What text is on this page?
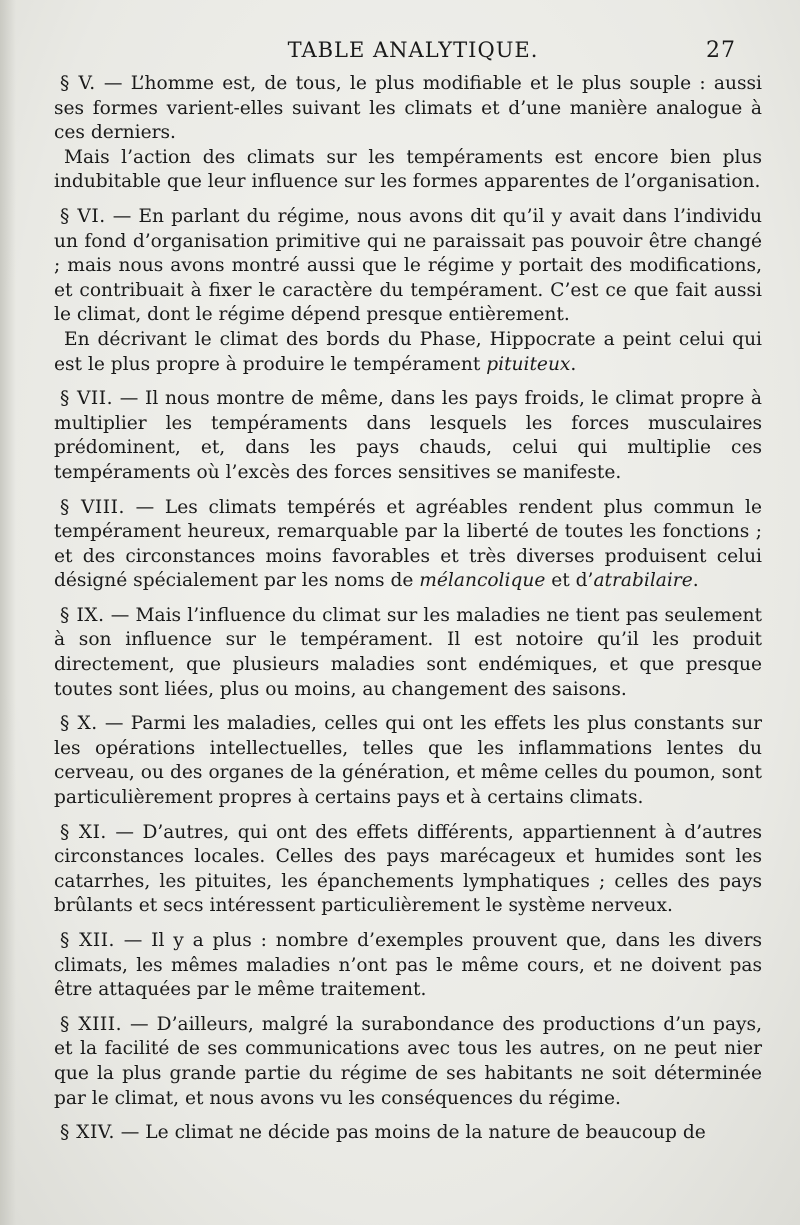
TABLE ANALYTIQUE.	27

§ V. — L’homme est, de tous, le plus modifiable et le plus souple : aussi ses formes varient-elles suivant les climats et d’une manière analogue à ces derniers.

Mais l’action des climats sur les tempéraments est encore bien plus indubitable que leur influence sur les formes apparentes de l’organisation.

§ VI. — En parlant du régime, nous avons dit qu’il y avait dans l’individu un fond d’organisation primitive qui ne paraissait pas pouvoir être changé ; mais nous avons montré aussi que le régime y portait des modifications, et contribuait à fixer le caractère du tempérament. C’est ce que fait aussi le climat, dont le régime dépend presque entièrement.

En décrivant le climat des bords du Phase, Hippocrate a peint celui qui est le plus propre à produire le tempérament pituiteux.

§ VII. — Il nous montre de même, dans les pays froids, le climat propre à multiplier les tempéraments dans lesquels les forces musculaires prédominent, et, dans les pays chauds, celui qui multiplie ces tempéraments où l’excès des forces sensitives se manifeste.

§ VIII. — Les climats tempérés et agréables rendent plus commun le tempérament heureux, remarquable par la liberté de toutes les fonctions ; et des circonstances moins favorables et très diverses produisent celui désigné spécialement par les noms de mélancolique et d’atrabilaire.

§ IX. — Mais l’influence du climat sur les maladies ne tient pas seulement à son influence sur le tempérament. Il est notoire qu’il les produit directement, que plusieurs maladies sont endémiques, et que presque toutes sont liées, plus ou moins, au changement des saisons.

§ X. — Parmi les maladies, celles qui ont les effets les plus constants sur les opérations intellectuelles, telles que les inflammations lentes du cerveau, ou des organes de la génération, et même celles du poumon, sont particulièrement propres à certains pays et à certains climats.

§ XI. — D’autres, qui ont des effets différents, appartiennent à d’autres circonstances locales. Celles des pays marécageux et humides sont les catarrhes, les pituites, les épanchements lymphatiques ; celles des pays brûlants et secs intéressent particulièrement le système nerveux.

§ XII. — Il y a plus : nombre d’exemples prouvent que, dans les divers climats, les mêmes maladies n’ont pas le même cours, et ne doivent pas être attaquées par le même traitement.

§ XIII. — D’ailleurs, malgré la surabondance des productions d’un pays, et la facilité de ses communications avec tous les autres, on ne peut nier que la plus grande partie du régime de ses habitants ne soit déterminée par le climat, et nous avons vu les conséquences du régime.

§ XIV. — Le climat ne décide pas moins de la nature de beaucoup de
